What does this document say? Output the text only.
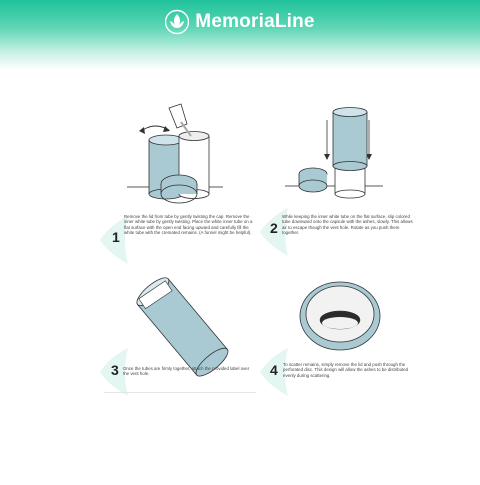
MemoriaLine
1
Remove the lid from tube by gently twisting the cap. Remove the inner white tube by gently twisting. Place the white inner tube on a flat surface with the open end facing upward and carefully fill the white tube with the cremated remains. (A funnel might be helpful).	2
While keeping the inner white tube on the flat surface, slip colored tube downward onto the capsule with the ashes, slowly. This allows air to escape though the vent hole. Rotate as you push them together.
3 Once the tubes are firmly together, attach the provided label over the vent hole.	4 To scatter remains, simply remove the lid and push through the perforated disc. This design will allow the ashes to be distributed evenly during scattering.
